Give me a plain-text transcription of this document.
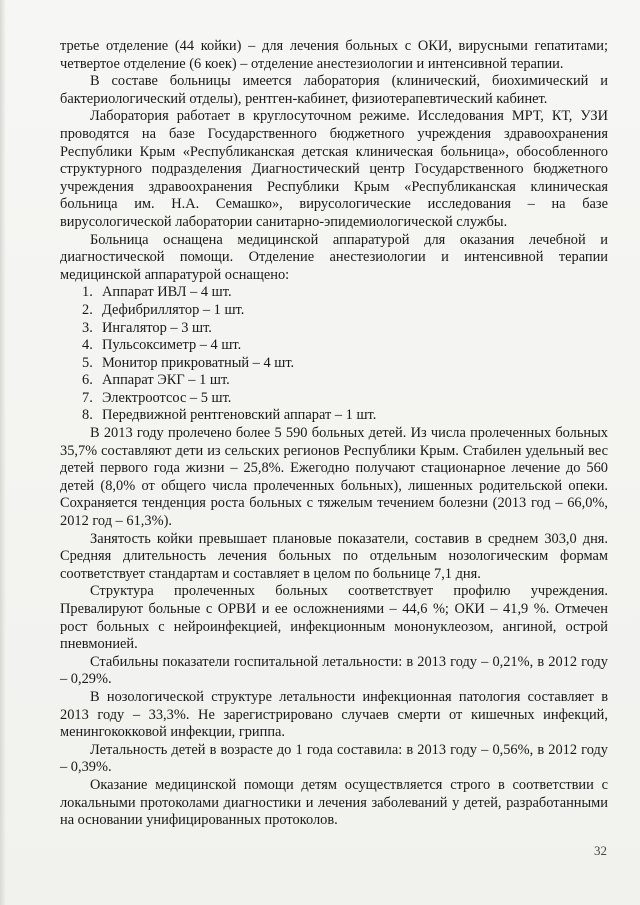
третье отделение (44 койки) – для лечения больных с ОКИ, вирусными гепатитами; четвертое отделение (6 коек) – отделение анестезиологии и интенсивной терапии.

В составе больницы имеется лаборатория (клинический, биохимический и бактериологический отделы), рентген-кабинет, физиотерапевтический кабинет.

Лаборатория работает в круглосуточном режиме. Исследования МРТ, КТ, УЗИ проводятся на базе Государственного бюджетного учреждения здравоохранения Республики Крым «Республиканская детская клиническая больница», обособленного структурного подразделения Диагностический центр Государственного бюджетного учреждения здравоохранения Республики Крым «Республиканская клиническая больница им. Н.А. Семашко», вирусологические исследования – на базе вирусологической лаборатории санитарно-эпидемиологической службы.

Больница оснащена медицинской аппаратурой для оказания лечебной и диагностической помощи. Отделение анестезиологии и интенсивной терапии медицинской аппаратурой оснащено:

1. Аппарат ИВЛ – 4 шт.
2. Дефибриллятор – 1 шт.
3. Ингалятор – 3 шт.
4. Пульсоксиметр – 4 шт.
5. Монитор прикроватный – 4 шт.
6. Аппарат ЭКГ – 1 шт.
7. Электроотсос – 5 шт.
8. Передвижной рентгеновский аппарат – 1 шт.

В 2013 году пролечено более 5 590 больных детей. Из числа пролеченных больных 35,7% составляют дети из сельских регионов Республики Крым. Стабилен удельный вес детей первого года жизни – 25,8%. Ежегодно получают стационарное лечение до 560 детей (8,0% от общего числа пролеченных больных), лишенных родительской опеки. Сохраняется тенденция роста больных с тяжелым течением болезни (2013 год – 66,0%, 2012 год – 61,3%).

Занятость койки превышает плановые показатели, составив в среднем 303,0 дня. Средняя длительность лечения больных по отдельным нозологическим формам соответствует стандартам и составляет в целом по больнице 7,1 дня.

Структура пролеченных больных соответствует профилю учреждения. Превалируют больные с ОРВИ и ее осложнениями – 44,6 %; ОКИ – 41,9 %. Отмечен рост больных с нейроинфекцией, инфекционным мононуклеозом, ангиной, острой пневмонией.

Стабильны показатели госпитальной летальности: в 2013 году – 0,21%, в 2012 году – 0,29%.

В нозологической структуре летальности инфекционная патология составляет в 2013 году – 33,3%. Не зарегистрировано случаев смерти от кишечных инфекций, менингококковой инфекции, гриппа.

Летальность детей в возрасте до 1 года составила: в 2013 году – 0,56%, в 2012 году – 0,39%.

Оказание медицинской помощи детям осуществляется строго в соответствии с локальными протоколами диагностики и лечения заболеваний у детей, разработанными на основании унифицированных протоколов.

32
